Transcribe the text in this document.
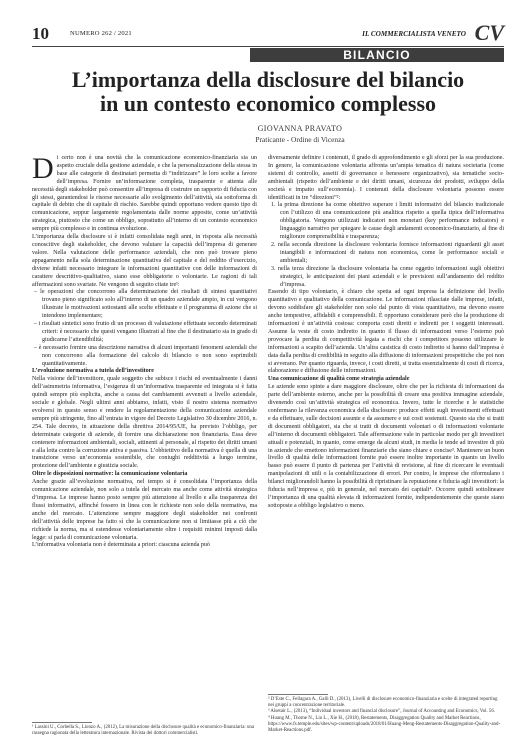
10	NUMERO 262 / 2021	IL COMMERCIALISTA VENETO CV
BILANCIO
L’importanza della disclosure del bilancio
in un contesto economico complesso
GIOVANNA PRAVATO
Praticante - Ordine di Vicenza
D i certo non è una novità che la comunicazione economico-finanziaria sia un aspetto cruciale della gestione aziendale, e che la personalizzazione della stessa in base alle categorie di destinatari permetta di “indirizzare” le loro scelte a favore dell’impresa. Fornire un’informazione completa, trasparente e attenta alle necessità degli stakeholder può consentire all’impresa di costruire un rapporto di fiducia con gli stessi, garantendosi le risorse necessarie allo svolgimento dell’attività, sia sottoforma di capitale di debito che di capitale di rischio. Sarebbe quindi opportuno vedere questo tipo di comunicazione, seppur largamente regolamentata dalle norme apposite, come un’attività strategica, piuttosto che come un obbligo, soprattutto all’interno di un contesto economico sempre più complesso e in continua evoluzione.

L’importanza della disclosure si è infatti consolidata negli anni, in risposta alla necessità conoscitive degli stakeholder, che devono valutare la capacità dell’impresa di generare valore. Nella valutazione delle performance aziendali, che non può trovare pieno appagamento nella sola determinazione quantitativa del capitale e del reddito d’esercizio, diviene infatti necessario integrare le informazioni quantitative con delle informazioni di carattere descrittivo-qualitativo, siano esse obbligatorie o volontarie. Le ragioni di tali affermazioni sono svariate. Ne vengono di seguito citate tre¹:

– le operazioni che concorrono alla determinazione dei risultati di sintesi quantitativi trovano pieno significato solo all’interno di un quadro aziendale ampio, in cui vengono illustrate le motivazioni sottostanti alle scelte effettuate e il programma di azione che si intendono implementare;

– i risultati sintetici sono frutto di un processo di valutazione effettuate secondo determinati criteri: è necessario che questi vengano illustrati al fine che il destinatario sia in grado di giudicarne l’attendibilità;

– è necessario fornire una descrizione narrativa di alcuni importanti fenomeni aziendali che non concorrono alla formazione del calcolo di bilancio o non sono esprimibili quantitativamente.

L’evoluzione normativa a tutela dell’investitore

Nella visione dell’investitore, quale soggetto che subisce i rischi ed eventualmente i danni dell’asimmetria informativa, l’esigenza di un’informativa trasparente ed integrata si è fatta quindi sempre più esplicita, anche a causa dei cambiamenti avvenuti a livello aziendale, sociale e globale. Negli ultimi anni abbiamo, infatti, visto il nostro sistema normativo evolversi in questo senso e rendere la regolamentazione della comunicazione aziendale sempre più stringente, fino all’entrata in vigore del Decreto Legislativo 30 dicembre 2016, n. 254. Tale decreto, in attuazione della direttiva 2014/95/UE, ha previsto l’obbligo, per determinate categorie di aziende, di fornire una dichiarazione non finanziaria. Essa deve contenere informazioni ambientali, sociali, attinenti al personale, al rispetto dei diritti umani e alla lotta contro la corruzione attiva e passiva. L’obbiettivo della normativa è quella di una transizione verso un’economia sostenibile, che coniughi redditività a lungo termine, protezione dell’ambiente e giustizia sociale.

Oltre le disposizioni normative: la comunicazione volontaria

Anche grazie all’evoluzione normativa, nel tempo si è consolidata l’importanza della comunicazione aziendale, non solo a tutela del mercato ma anche come attività strategica d’impresa. Le imprese hanno posto sempre più attenzione al livello e alla trasparenza dei flussi informativi, affinché fossero in linea con le richieste non solo della normativa, ma anche del mercato. L’attenzione sempre maggiore degli stakeholder nei confronti dell’attività delle imprese ha fatto sì che la comunicazione non si limitasse più a ciò che richiede la norma, ma si estendesse volontariamente oltre i requisiti minimi imposti dalla legge: si parla di comunicazione volontaria.

L’informativa volontaria non è determinata a priori: ciascuna azienda può

diversamente definire i contenuti, il grado di approfondimento e gli sforzi per la sua produzione. In genere, la comunicazione volontaria affronta un’ampia tematica di natura societaria (come sistemi di controllo, assetti di governance e benessere organizzativo), sia tematiche socio-ambientali (rispetto dell’ambiente e dei diritti umani, sicurezza dei prodotti, sviluppo della società e impatto sull’economia). I contenuti della disclosure volontaria possono essere identificati in tre “direzioni”²:

1. la prima direzione ha come obiettivo superare i limiti informativi del bilancio tradizionale con l’utilizzo di una comunicazione più analitica rispetto a quella tipica dell’informativa obbligatoria. Vengono utilizzati indicatori non monetari (key performance indicators) e linguaggio narrativo per spiegare le cause degli andamenti economico-finanziario, al fine di migliorare comprensibilità e trasparenza;

2. nella seconda direzione la disclosure volontaria fornisce informazioni riguardanti gli asset intangibili e informazioni di natura non economica, come le performance sociali e ambientali;

3. nella terza direzione la disclosure volontaria ha come oggetto informazioni sugli obiettivi strategici, le anticipazioni dei piani aziendali e le previsioni sull’andamento del reddito d’impresa.

Essendo di tipo volontario, è chiaro che spetta ad ogni impresa la definizione del livello quantitativo e qualitativo della comunicazione. Le informazioni rilasciate dalle imprese, infatti, devono soddisfare gli stakeholder non solo dal punto di vista quantitativo, ma devono essere anche tempestive, affidabili e comprensibili. È opportuno considerare però che la produzione di informazioni è un’attività costosa: comporta costi diretti e indiretti per i soggetti interessati. Assume la veste di costo indiretto in quanto il flusso di informazioni verso l’esterno può provocare la perdita di competitività legata a rischi che i competitors possono utilizzare le informazioni a scapito dell’azienda. Un’altra casistica di costo indiretto si hanno dall’impresa è data dalla perdita di credibilità in seguito alla diffusione di informazioni prospettiche che poi non si avverano. Per quanto riguarda, invece, i costi diretti, si tratta essenzialmente di costi di ricerca, elaborazione e diffusione delle informazioni.

Una comunicazione di qualità come strategia aziendale

Le aziende sono spinte a dare maggiore disclosure, oltre che per la richiesta di informazioni da parte dell’ambiente esterno, anche per la possibilità di creare una positiva immagine aziendale, divenendo così un’attività strategica ed economica. Invero, tutte le ricerche e le statistiche confermano la rilevanza economica della disclosure: produce effetti sugli investimenti effettuati e da effettuare, sulle decisioni assunte e da assumere e sui costi sostenuti. Questo sia che si tratti di documenti obbligatori, sia che si tratti di documenti volontari o di informazioni volontarie all’interno di documenti obbligatori. Tale affermazione vale in particolar modo per gli investitori attuali e potenziali, in quanto, come emerge da alcuni studi, in media le tende ad investire di più in aziende che emettono informazioni finanziarie che siano chiare e concise³. Mantenere un buon livello di qualità delle informazioni fornite può essere inoltre importante in quanto un livello basso può essere il punto di partenza per l’attività di revisione, al fine di ricercare le eventuali manipolazioni di utili o la contabilizzazione di errori. Per contro, le imprese che riformulano i bilanci migliorandoli hanno la possibilità di ripristinare la reputazione e fiducia agli investitori: la fiducia nell’impresa e, più in generale, nel mercato dei capitali⁴. Occorre quindi sottolineare l’importanza di una qualità elevata di informazioni fornite, indipendentemente che queste siano sottoposte a obbligo legislativo o meno.

¹ Lassini U., Corbella S., Lionzo A., (2012), La misurazione della disclosure qualità e economico-finanziaria: una rassegna ragionata della letteratura internazionale. Rivista dei dottori commercialisti.
² D’Este C., Fellagara A., Galli D., (2013), Livelli di disclosure economico-finanziaria e scelte di integrated reporting nei gruppi a concentrazione territoriale.
³ Alsetair L., (2013), “Individual investors and financial disclosure”, Journal of Accounting and Economics, Vol. 56.
⁴ Huang M., Thome N., Liu L., Xie H., (2018), Restatements, Disaggregation Quality and Market Reactions, https://www.fs.temple.edu/sites/wp-content/uploads/2018/01/Huang-Meng-Restatements-Disaggregation-Quality-and-Market-Reactions.pdf.
